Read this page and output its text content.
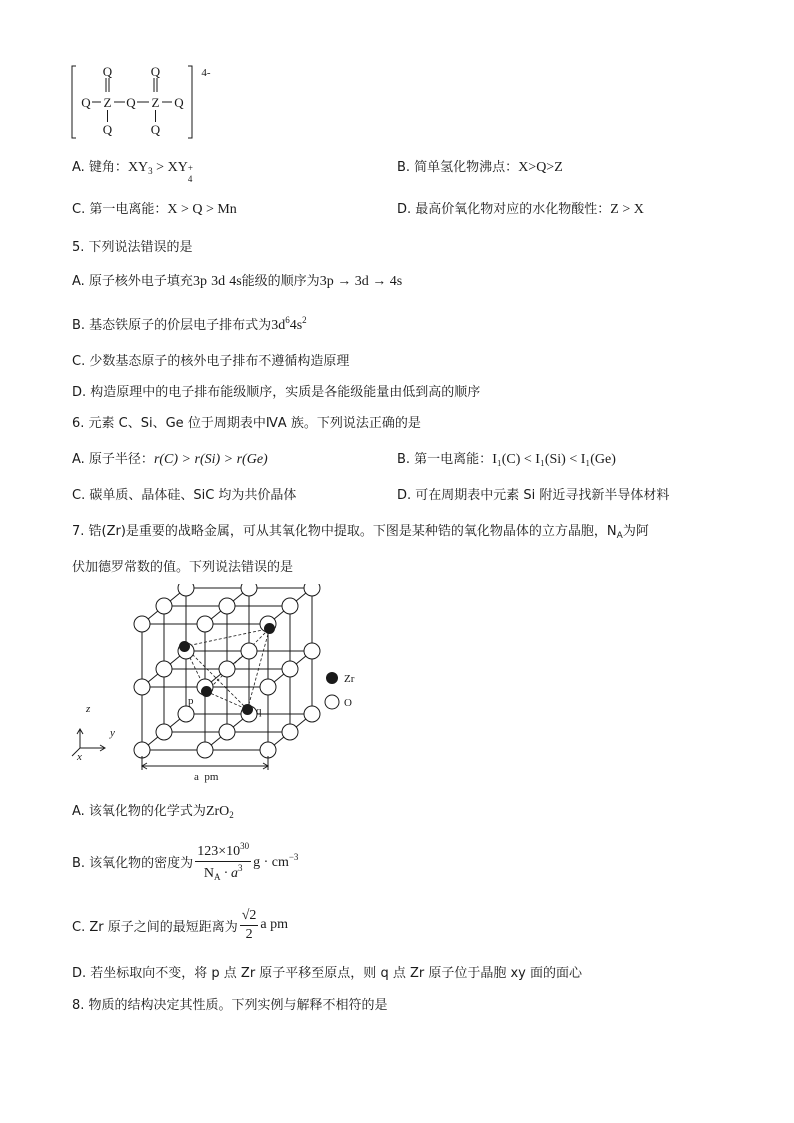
Q	Q
Q Z Q Z Q
Q	Q
4-
A. 键角：$XY_3$ > XY +
4
B. 简单氢化物沸点：X>Q>Z
C. 第一电离能：X > Q > Mn	D. 最高价氧化物对应的水化物酸性：Z > X
5. 下列说法错误的是
A. 原子核外电子填充3p 3d 4s能级的顺序为3p → 3d → 4s
B. 基态铁原子的价层电子排布式为$3d^64s^2$
C. 少数基态原子的核外电子排布不遵循构造原理
D. 构造原理中的电子排布能级顺序，实质是各能级能量由低到高的顺序
6. 元素 C、Si、Ge 位于周期表中ⅣA 族。下列说法正确的是
A. 原子半径：r(C) > r(Si) > r(Ge)	B. 第一电离能：I₁(C) < I₁(Si) < I₁(Ge)
C. 碳单质、晶体硅、SiC 均为共价晶体	D. 可在周期表中元素 Si 附近寻找新半导体材料
7. 锆(Zr)是重要的战略金属，可从其氧化物中提取。下图是某种锆的氧化物晶体的立方晶胞，$N_A$为阿
伏加德罗常数的值。下列说法错误的是
z
y
x
a  pm
p
q
Zr
O
A. 该氧化物的化学式为ZrO$_2$
B. 该氧化物的密度为 $\frac{123\times 10^{30}}{N_A \cdot a^3}$ $g \cdot cm^{-3}$
C. Zr 原子之间的最短距离为 $\frac{√2}{2}$ a pm
D. 若坐标取向不变，将 p 点 Zr 原子平移至原点，则 q 点 Zr 原子位于晶胞 xy 面的面心
8. 物质的结构决定其性质。下列实例与解释不相符的是
